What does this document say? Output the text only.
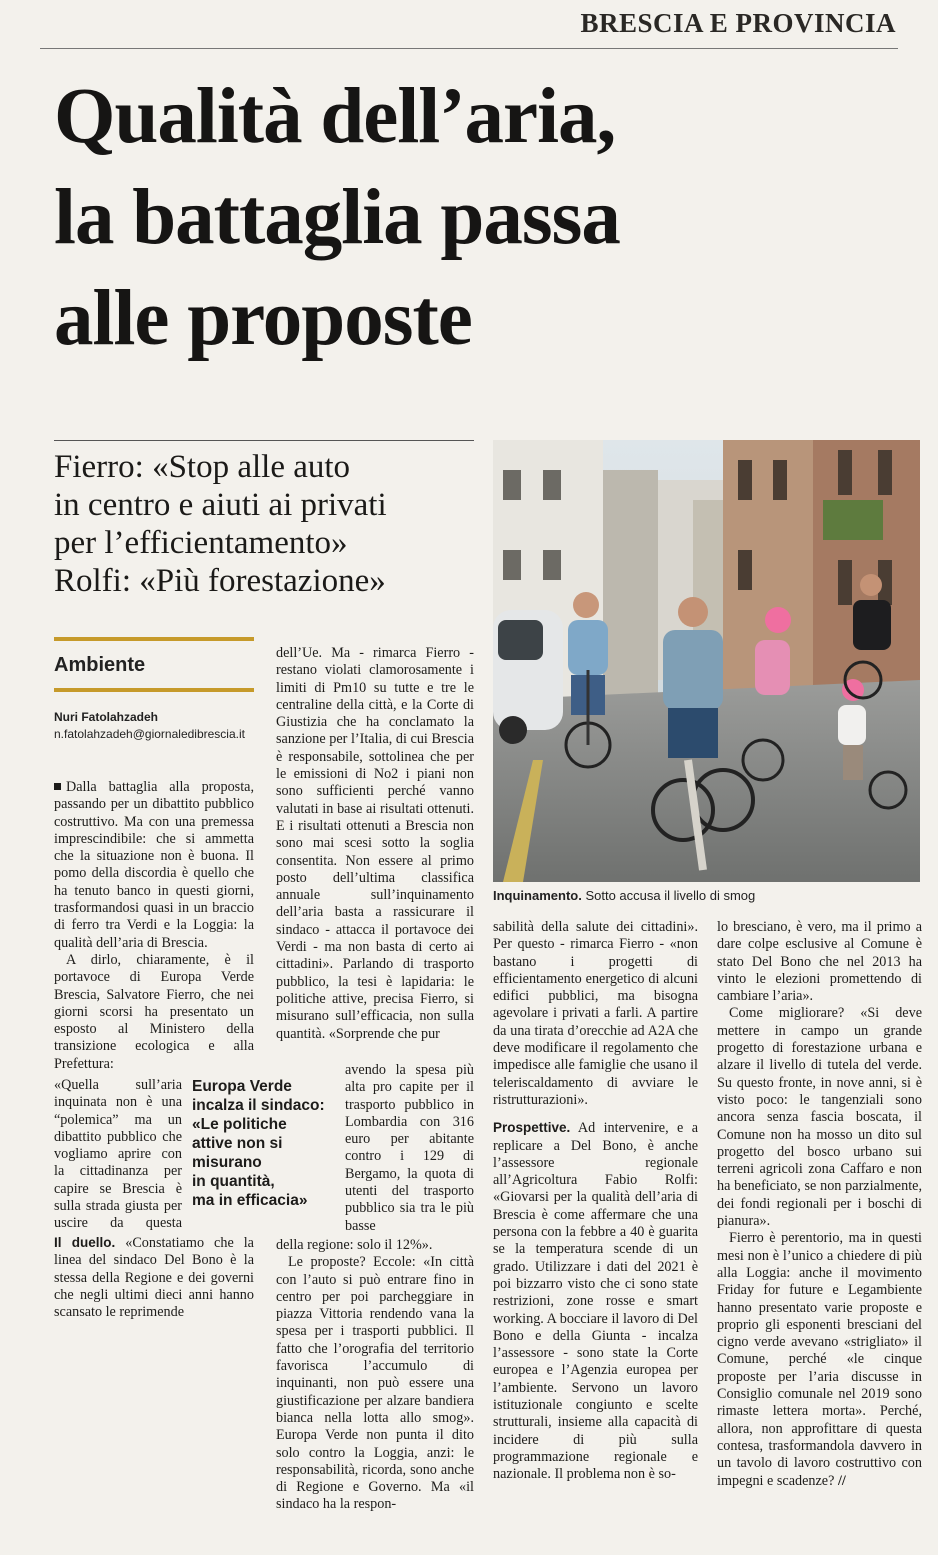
BRESCIA E PROVINCIA
Qualità dell’aria,
la battaglia passa
alle proposte
Fierro: «Stop alle auto
in centro e aiuti ai privati
per l’efficientamento»
Rolfi: «Più forestazione»
Inquinamento. Sotto accusa il livello di smog
Ambiente
Nuri Fatolahzadeh
n.fatolahzadeh@giornaledibrescia.it

Dalla battaglia alla proposta, passando per un dibattito pubblico costruttivo. Ma con una premessa imprescindibile: che si ammetta che la situazione non è buona. Il pomo della discordia è quello che ha tenuto banco in questi giorni, trasformandosi quasi in un braccio di ferro tra Verdi e la Loggia: la qualità dell’aria di Brescia.

A dirlo, chiaramente, è il portavoce di Europa Verde Brescia, Salvatore Fierro, che nei giorni scorsi ha presentato un esposto al Ministero della transizione ecologica e alla Prefettura:

«Quella sull’aria inquinata non è una “polemica” ma un dibattito pubblico che vogliamo aprire con la cittadinanza per capire se Brescia è sulla strada giusta per uscire da questa

Europa Verde
incalza il sindaco:
«Le politiche
attive non si
misurano
in quantità,
ma in efficacia»

Il duello. «Constatiamo che la linea del sindaco Del Bono è la stessa della Regione e dei governi che negli ultimi dieci anni hanno scansato le reprimende

dell’Ue. Ma - rimarca Fierro - restano violati clamorosamente i limiti di Pm10 su tutte e tre le centraline della città, e la Corte di Giustizia che ha conclamato la sanzione per l’Italia, di cui Brescia è responsabile, sottolinea che per le emissioni di No2 i piani non sono sufficienti perché vanno valutati in base ai risultati ottenuti. E i risultati ottenuti a Brescia non sono mai scesi sotto la soglia consentita. Non essere al primo posto dell’ultima classifica annuale sull’inquinamento dell’aria basta a rassicurare il sindaco - attacca il portavoce dei Verdi - ma non basta di certo ai cittadini». Parlando di trasporto pubblico, la tesi è lapidaria: le politiche attive, precisa Fierro, si misurano sull’efficacia, non sulla quantità. «Sorprende che pur

avendo la spesa più alta pro capite per il trasporto pubblico in Lombardia con 316 euro per abitante contro i 129 di Bergamo, la quota di utenti del trasporto pubblico sia tra le più basse

della regione: solo il 12%».

Le proposte? Eccole: «In città con l’auto si può entrare fino in centro per poi parcheggiare in piazza Vittoria rendendo vana la spesa per i trasporti pubblici. Il fatto che l’orografia del territorio favorisca l’accumulo di inquinanti, non può essere una giustificazione per alzare bandiera bianca nella lotta allo smog». Europa Verde non punta il dito solo contro la Loggia, anzi: le responsabilità, ricorda, sono anche di Regione e Governo. Ma «il sindaco ha la respon-

sabilità della salute dei cittadini». Per questo - rimarca Fierro - «non bastano i progetti di efficientamento energetico di alcuni edifici pubblici, ma bisogna agevolare i privati a farli. A partire da una tirata d’orecchie ad A2A che deve modificare il regolamento che impedisce alle famiglie che usano il teleriscaldamento di avviare le ristrutturazioni».

Prospettive. Ad intervenire, e a replicare a Del Bono, è anche l’assessore regionale all’Agricoltura Fabio Rolfi: «Giovarsi per la qualità dell’aria di Brescia è come affermare che una persona con la febbre a 40 è guarita se la temperatura scende di un grado. Utilizzare i dati del 2021 è poi bizzarro visto che ci sono state restrizioni, zone rosse e smart working. A bocciare il lavoro di Del Bono e della Giunta - incalza l’assessore - sono state la Corte europea e l’Agenzia europea per l’ambiente. Servono un lavoro istituzionale congiunto e scelte strutturali, insieme alla capacità di incidere di più sulla programmazione regionale e nazionale. Il problema non è so-

lo bresciano, è vero, ma il primo a dare colpe esclusive al Comune è stato Del Bono che nel 2013 ha vinto le elezioni promettendo di cambiare l’aria».

Come migliorare? «Si deve mettere in campo un grande progetto di forestazione urbana e alzare il livello di tutela del verde. Su questo fronte, in nove anni, si è visto poco: le tangenziali sono ancora senza fascia boscata, il Comune non ha mosso un dito sul progetto del bosco urbano sui terreni agricoli zona Caffaro e non ha beneficiato, se non parzialmente, dei fondi regionali per i boschi di pianura».

Fierro è perentorio, ma in questi mesi non è l’unico a chiedere di più alla Loggia: anche il movimento Friday for future e Legambiente hanno presentato varie proposte e proprio gli esponenti bresciani del cigno verde avevano «strigliato» il Comune, perché «le cinque proposte per l’aria discusse in Consiglio comunale nel 2019 sono rimaste lettera morta». Perché, allora, non approfittare di questa contesa, trasformandola davvero in un tavolo di lavoro costruttivo con impegni e scadenze? //
